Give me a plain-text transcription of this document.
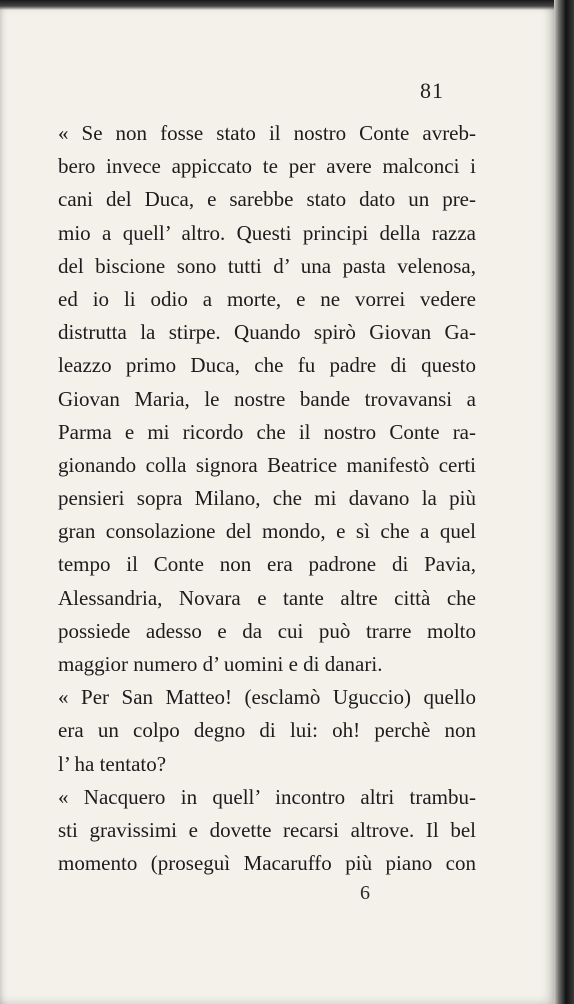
81
« Se non fosse stato il nostro Conte avreb-
bero invece appiccato te per avere malconci i
cani del Duca, e sarebbe stato dato un pre-
mio a quell’ altro. Questi principi della razza
del biscione sono tutti d’ una pasta velenosa,
ed io li odio a morte, e ne vorrei vedere
distrutta la stirpe. Quando spirò Giovan Ga-
leazzo primo Duca, che fu padre di questo
Giovan Maria, le nostre bande trovavansi a
Parma e mi ricordo che il nostro Conte ra-
gionando colla signora Beatrice manifestò certi
pensieri sopra Milano, che mi davano la più
gran consolazione del mondo, e sì che a quel
tempo il Conte non era padrone di Pavia,
Alessandria, Novara e tante altre città che
possiede adesso e da cui può trarre molto
maggior numero d’ uomini e di danari.
« Per San Matteo! (esclamò Uguccio) quello
era un colpo degno di lui: oh! perchè non
l’ ha tentato?
« Nacquero in quell’ incontro altri trambu-
sti gravissimi e dovette recarsi altrove. Il bel
momento (proseguì Macaruffo più piano con
6
